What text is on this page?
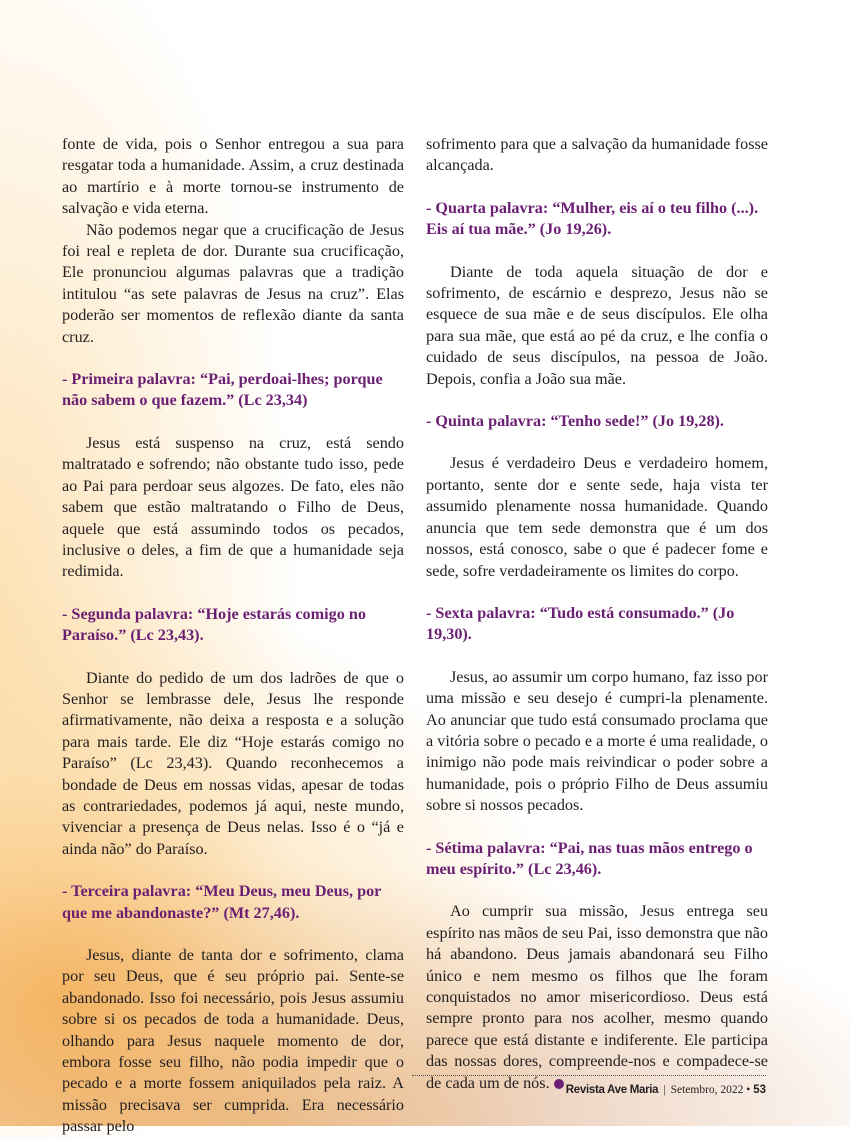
fonte de vida, pois o Senhor entregou a sua para resgatar toda a humanidade. Assim, a cruz destinada ao martírio e à morte tornou-se instrumento de salvação e vida eterna.

Não podemos negar que a crucificação de Jesus foi real e repleta de dor. Durante sua crucificação, Ele pronunciou algumas palavras que a tradição intitulou “as sete palavras de Jesus na cruz”. Elas poderão ser momentos de reflexão diante da santa cruz.

- Primeira palavra: “Pai, perdoai-lhes; porque não sabem o que fazem.” (Lc 23,34)

Jesus está suspenso na cruz, está sendo maltratado e sofrendo; não obstante tudo isso, pede ao Pai para perdoar seus algozes. De fato, eles não sabem que estão maltratando o Filho de Deus, aquele que está assumindo todos os pecados, inclusive o deles, a fim de que a humanidade seja redimida.

- Segunda palavra: “Hoje estarás comigo no Paraíso.” (Lc 23,43).

Diante do pedido de um dos ladrões de que o Senhor se lembrasse dele, Jesus lhe responde afirmativamente, não deixa a resposta e a solução para mais tarde. Ele diz “Hoje estarás comigo no Paraíso” (Lc 23,43). Quando reconhecemos a bondade de Deus em nossas vidas, apesar de todas as contrariedades, podemos já aqui, neste mundo, vivenciar a presença de Deus nelas. Isso é o “já e ainda não” do Paraíso.

- Terceira palavra: “Meu Deus, meu Deus, por que me abandonaste?” (Mt 27,46).

Jesus, diante de tanta dor e sofrimento, clama por seu Deus, que é seu próprio pai. Sente-se abandonado. Isso foi necessário, pois Jesus assumiu sobre si os pecados de toda a humanidade. Deus, olhando para Jesus naquele momento de dor, embora fosse seu filho, não podia impedir que o pecado e a morte fossem aniquilados pela raiz. A missão precisava ser cumprida. Era necessário passar pelo

sofrimento para que a salvação da humanidade fosse alcançada.

- Quarta palavra: “Mulher, eis aí o teu filho (...). Eis aí tua mãe.” (Jo 19,26).

Diante de toda aquela situação de dor e sofrimento, de escárnio e desprezo, Jesus não se esquece de sua mãe e de seus discípulos. Ele olha para sua mãe, que está ao pé da cruz, e lhe confia o cuidado de seus discípulos, na pessoa de João. Depois, confia a João sua mãe.

- Quinta palavra: “Tenho sede!” (Jo 19,28).

Jesus é verdadeiro Deus e verdadeiro homem, portanto, sente dor e sente sede, haja vista ter assumido plenamente nossa humanidade. Quando anuncia que tem sede demonstra que é um dos nossos, está conosco, sabe o que é padecer fome e sede, sofre verdadeiramente os limites do corpo.

- Sexta palavra: “Tudo está consumado.” (Jo 19,30).

Jesus, ao assumir um corpo humano, faz isso por uma missão e seu desejo é cumpri-la plenamente. Ao anunciar que tudo está consumado proclama que a vitória sobre o pecado e a morte é uma realidade, o inimigo não pode mais reivindicar o poder sobre a humanidade, pois o próprio Filho de Deus assumiu sobre si nossos pecados.

- Sétima palavra: “Pai, nas tuas mãos entrego o meu espírito.” (Lc 23,46).

Ao cumprir sua missão, Jesus entrega seu espírito nas mãos de seu Pai, isso demonstra que não há abandono. Deus jamais abandonará seu Filho único e nem mesmo os filhos que lhe foram conquistados no amor misericordioso. Deus está sempre pronto para nos acolher, mesmo quando parece que está distante e indiferente. Ele participa das nossas dores, compreende-nos e compadece-se de cada um de nós.	Revista Ave Maria | Setembro, 2022 • 53
